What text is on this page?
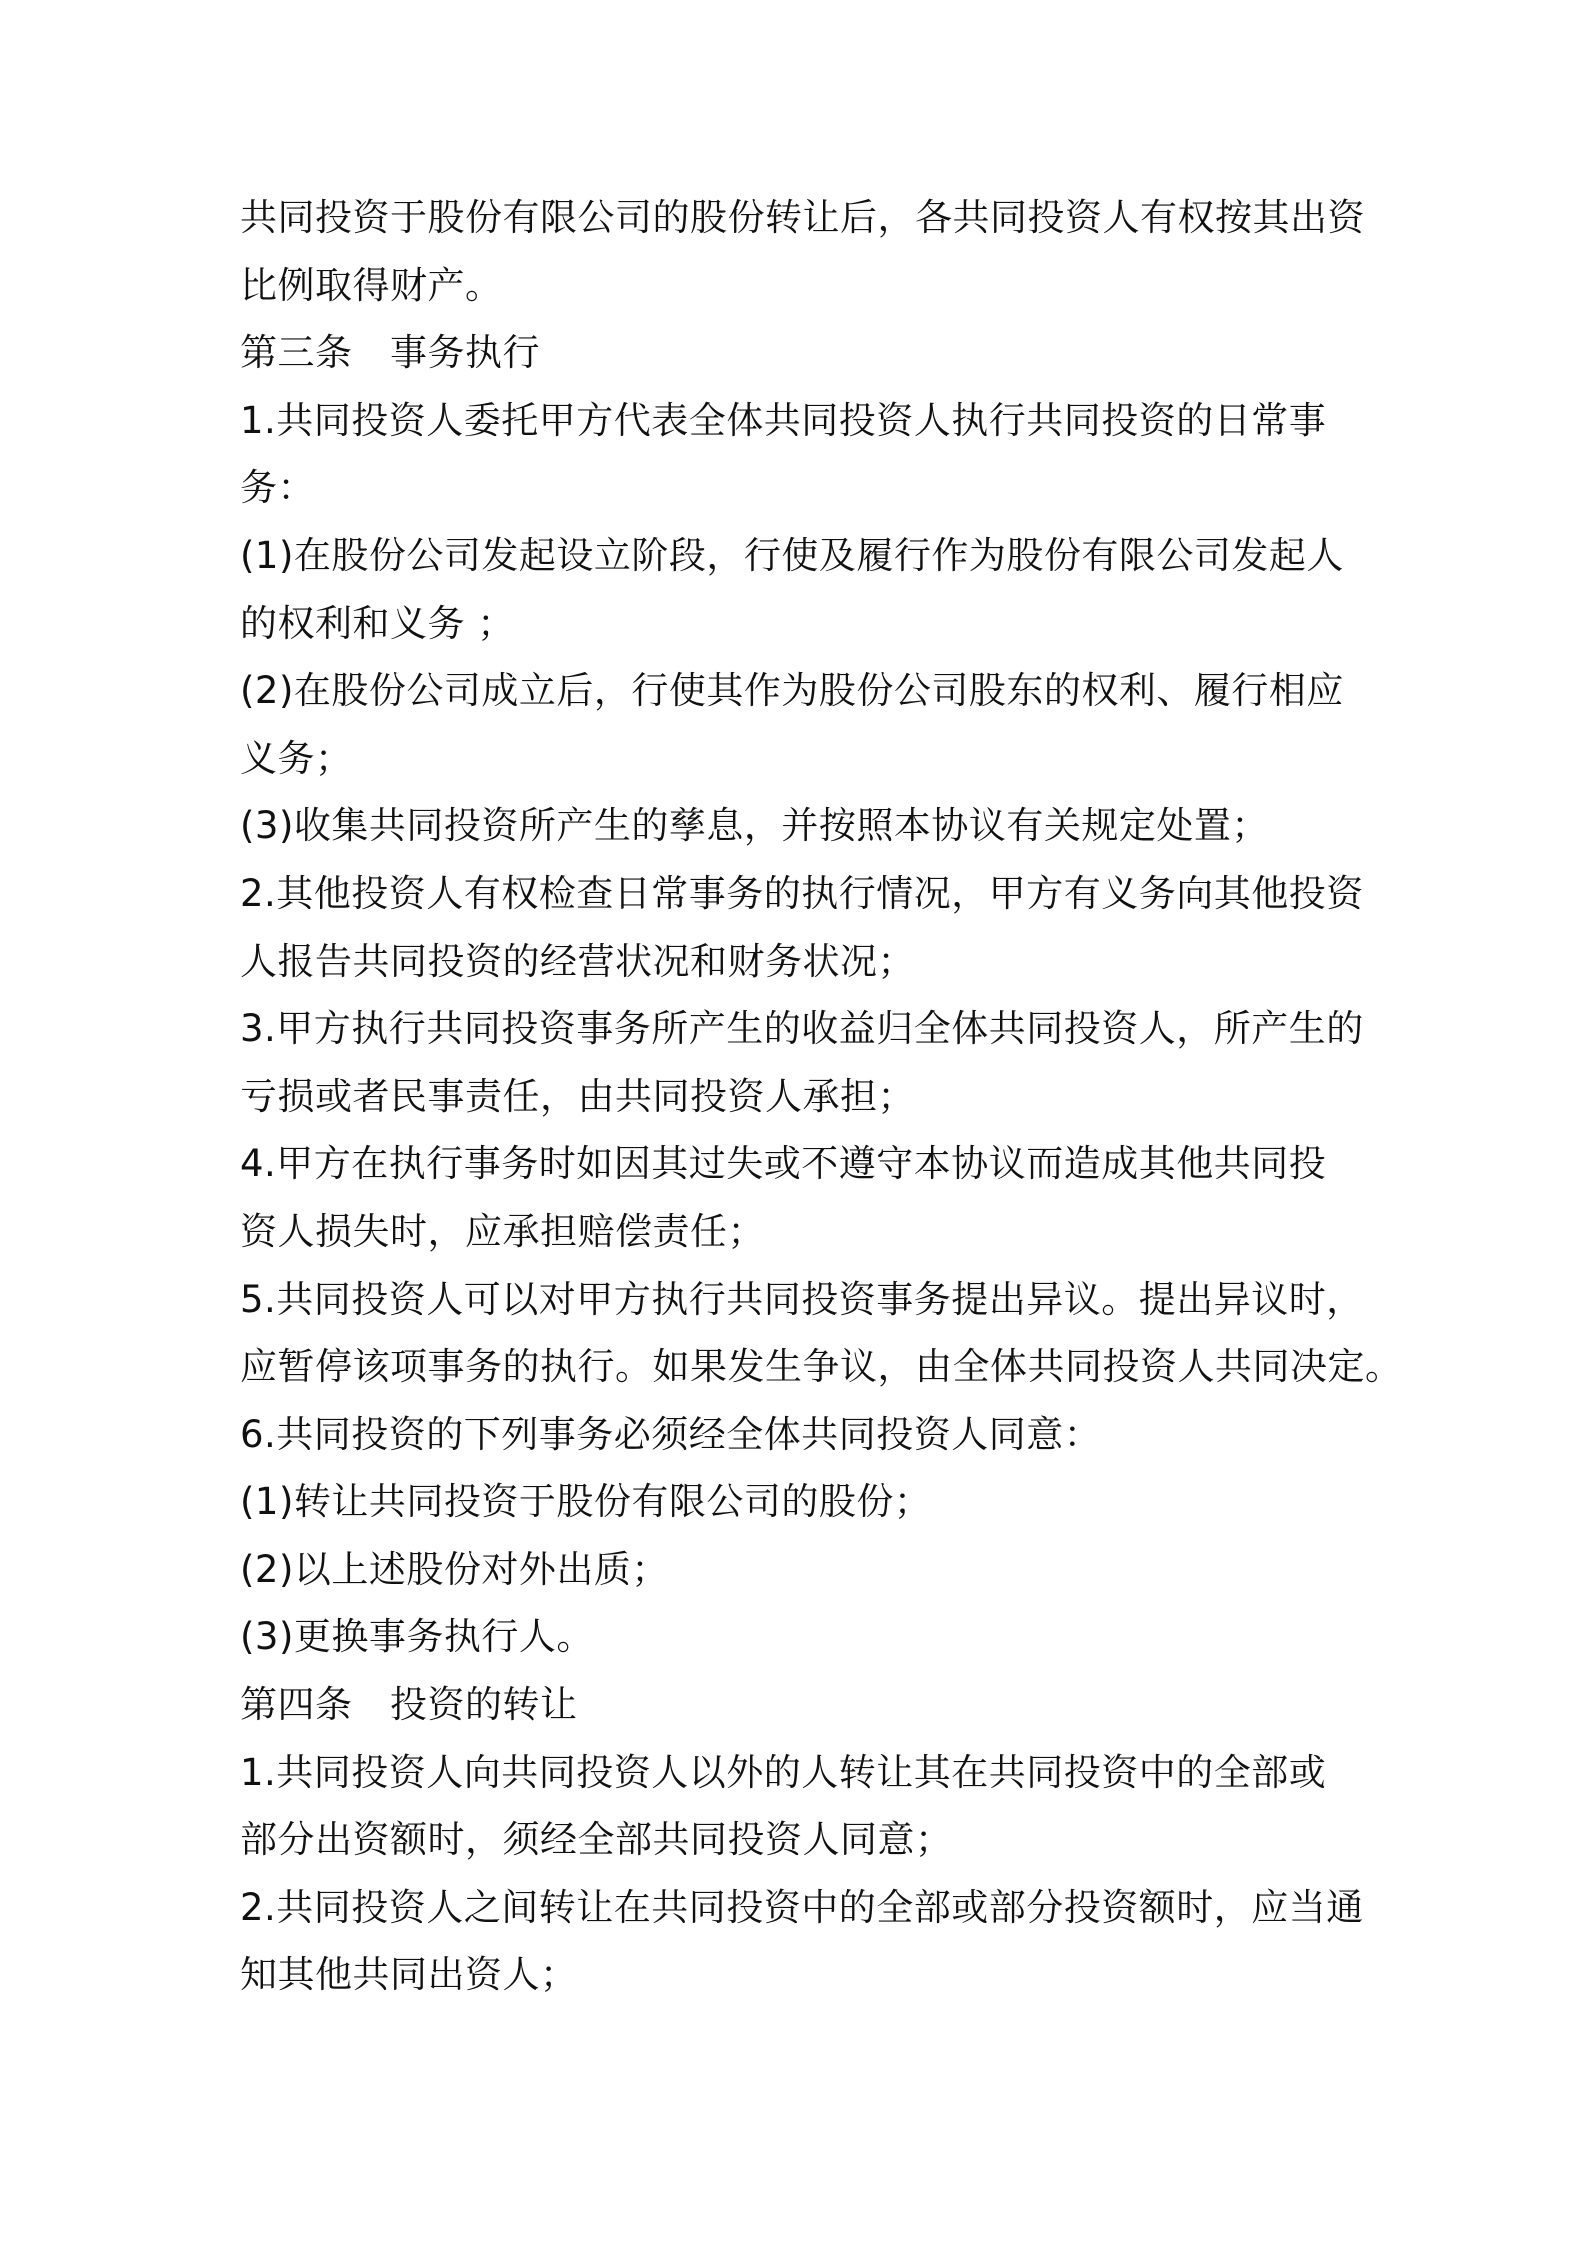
共同投资于股份有限公司的股份转让后，各共同投资人有权按其出资
比例取得财产。
第三条　事务执行
1.共同投资人委托甲方代表全体共同投资人执行共同投资的日常事
务：
(1)在股份公司发起设立阶段，行使及履行作为股份有限公司发起人
的权利和义务 ；
(2)在股份公司成立后，行使其作为股份公司股东的权利、履行相应
义务；
(3)收集共同投资所产生的孳息，并按照本协议有关规定处置；
2.其他投资人有权检查日常事务的执行情况，甲方有义务向其他投资
人报告共同投资的经营状况和财务状况；
3.甲方执行共同投资事务所产生的收益归全体共同投资人，所产生的
亏损或者民事责任，由共同投资人承担；
4.甲方在执行事务时如因其过失或不遵守本协议而造成其他共同投
资人损失时，应承担赔偿责任；
5.共同投资人可以对甲方执行共同投资事务提出异议。提出异议时，
应暂停该项事务的执行。如果发生争议，由全体共同投资人共同决定。
6.共同投资的下列事务必须经全体共同投资人同意：
(1)转让共同投资于股份有限公司的股份；
(2)以上述股份对外出质；
(3)更换事务执行人。
第四条　投资的转让
1.共同投资人向共同投资人以外的人转让其在共同投资中的全部或
部分出资额时，须经全部共同投资人同意；
2.共同投资人之间转让在共同投资中的全部或部分投资额时，应当通
知其他共同出资人；
